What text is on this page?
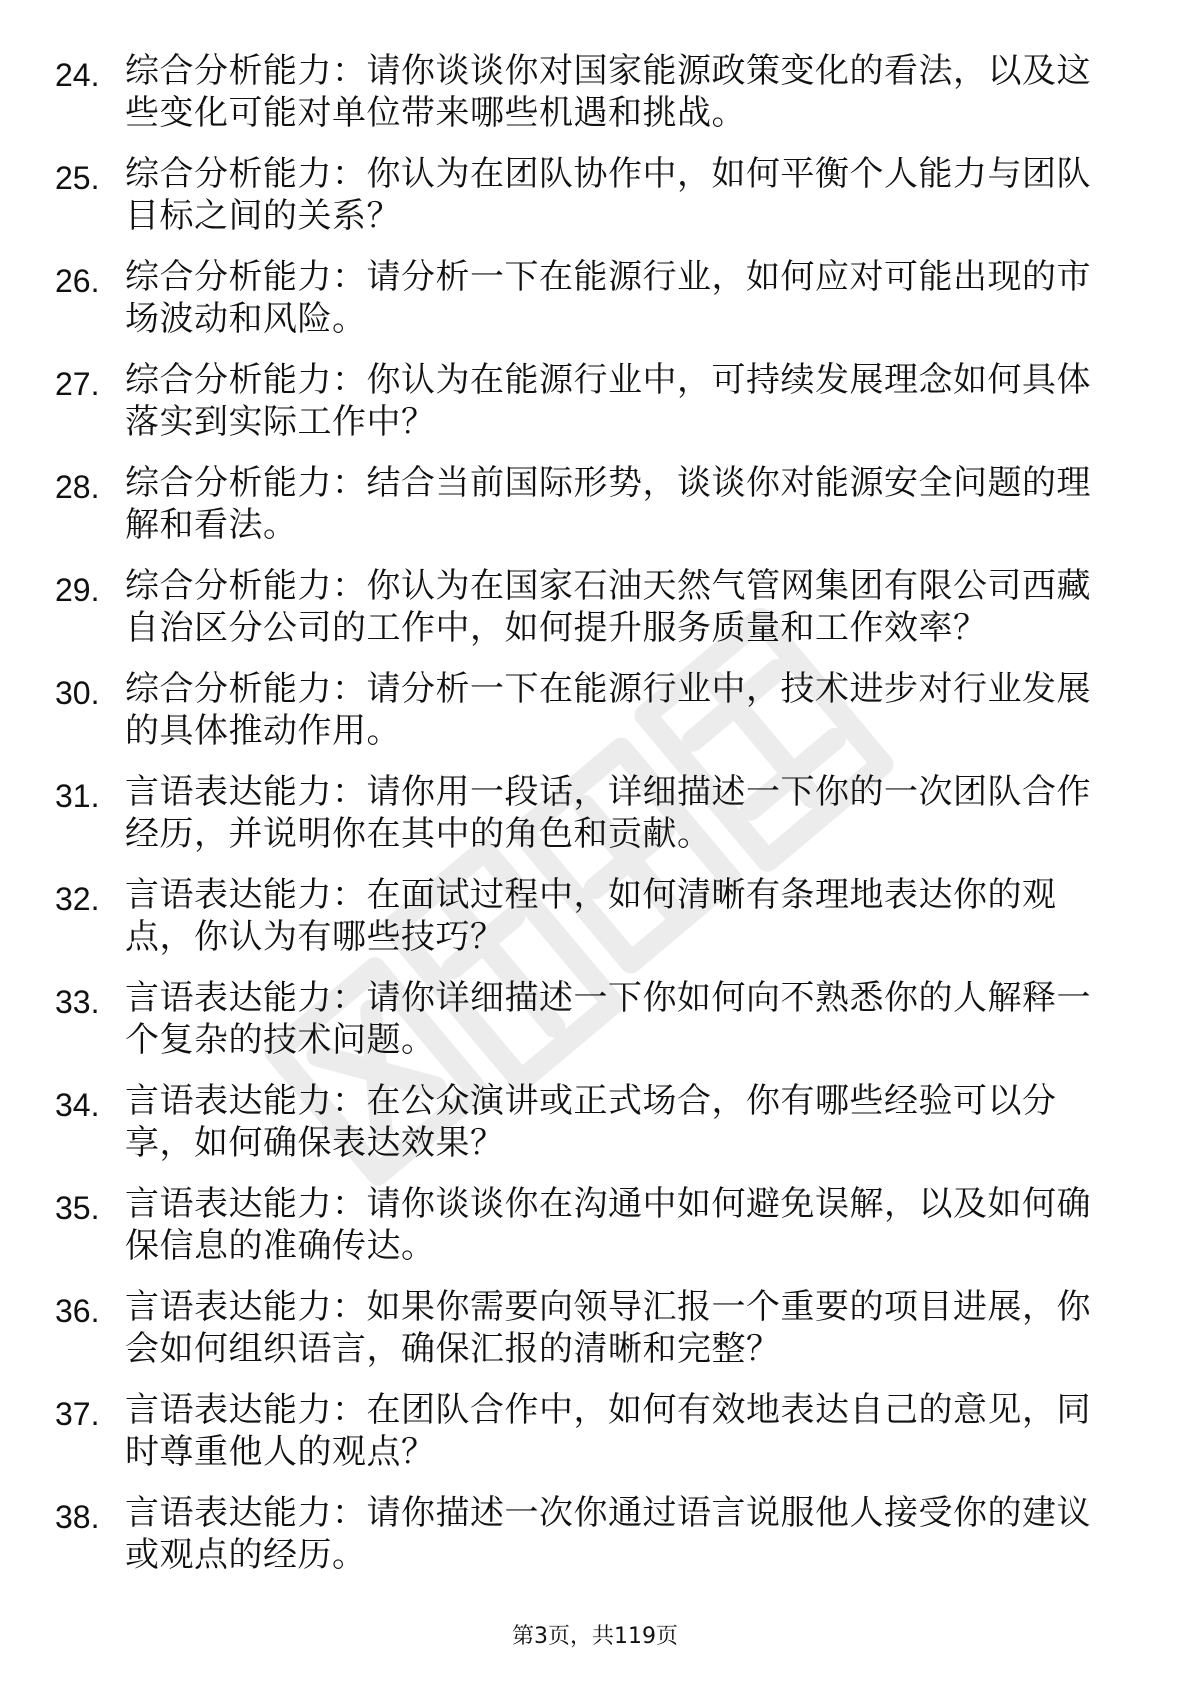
24. 综合分析能力：请你谈谈你对国家能源政策变化的看法，以及这些变化可能对单位带来哪些机遇和挑战。
25. 综合分析能力：你认为在团队协作中，如何平衡个人能力与团队目标之间的关系？
26. 综合分析能力：请分析一下在能源行业，如何应对可能出现的市场波动和风险。
27. 综合分析能力：你认为在能源行业中，可持续发展理念如何具体落实到实际工作中？
28. 综合分析能力：结合当前国际形势，谈谈你对能源安全问题的理解和看法。
29. 综合分析能力：你认为在国家石油天然气管网集团有限公司西藏自治区分公司的工作中，如何提升服务质量和工作效率？
30. 综合分析能力：请分析一下在能源行业中，技术进步对行业发展的具体推动作用。
31. 言语表达能力：请你用一段话，详细描述一下你的一次团队合作经历，并说明你在其中的角色和贡献。
32. 言语表达能力：在面试过程中，如何清晰有条理地表达你的观点，你认为有哪些技巧？
33. 言语表达能力：请你详细描述一下你如何向不熟悉你的人解释一个复杂的技术问题。
34. 言语表达能力：在公众演讲或正式场合，你有哪些经验可以分享，如何确保表达效果？
35. 言语表达能力：请你谈谈你在沟通中如何避免误解，以及如何确保信息的准确传达。
36. 言语表达能力：如果你需要向领导汇报一个重要的项目进展，你会如何组织语言，确保汇报的清晰和完整？
37. 言语表达能力：在团队合作中，如何有效地表达自己的意见，同时尊重他人的观点？
38. 言语表达能力：请你描述一次你通过语言说服他人接受你的建议或观点的经历。
第3页，共119页
